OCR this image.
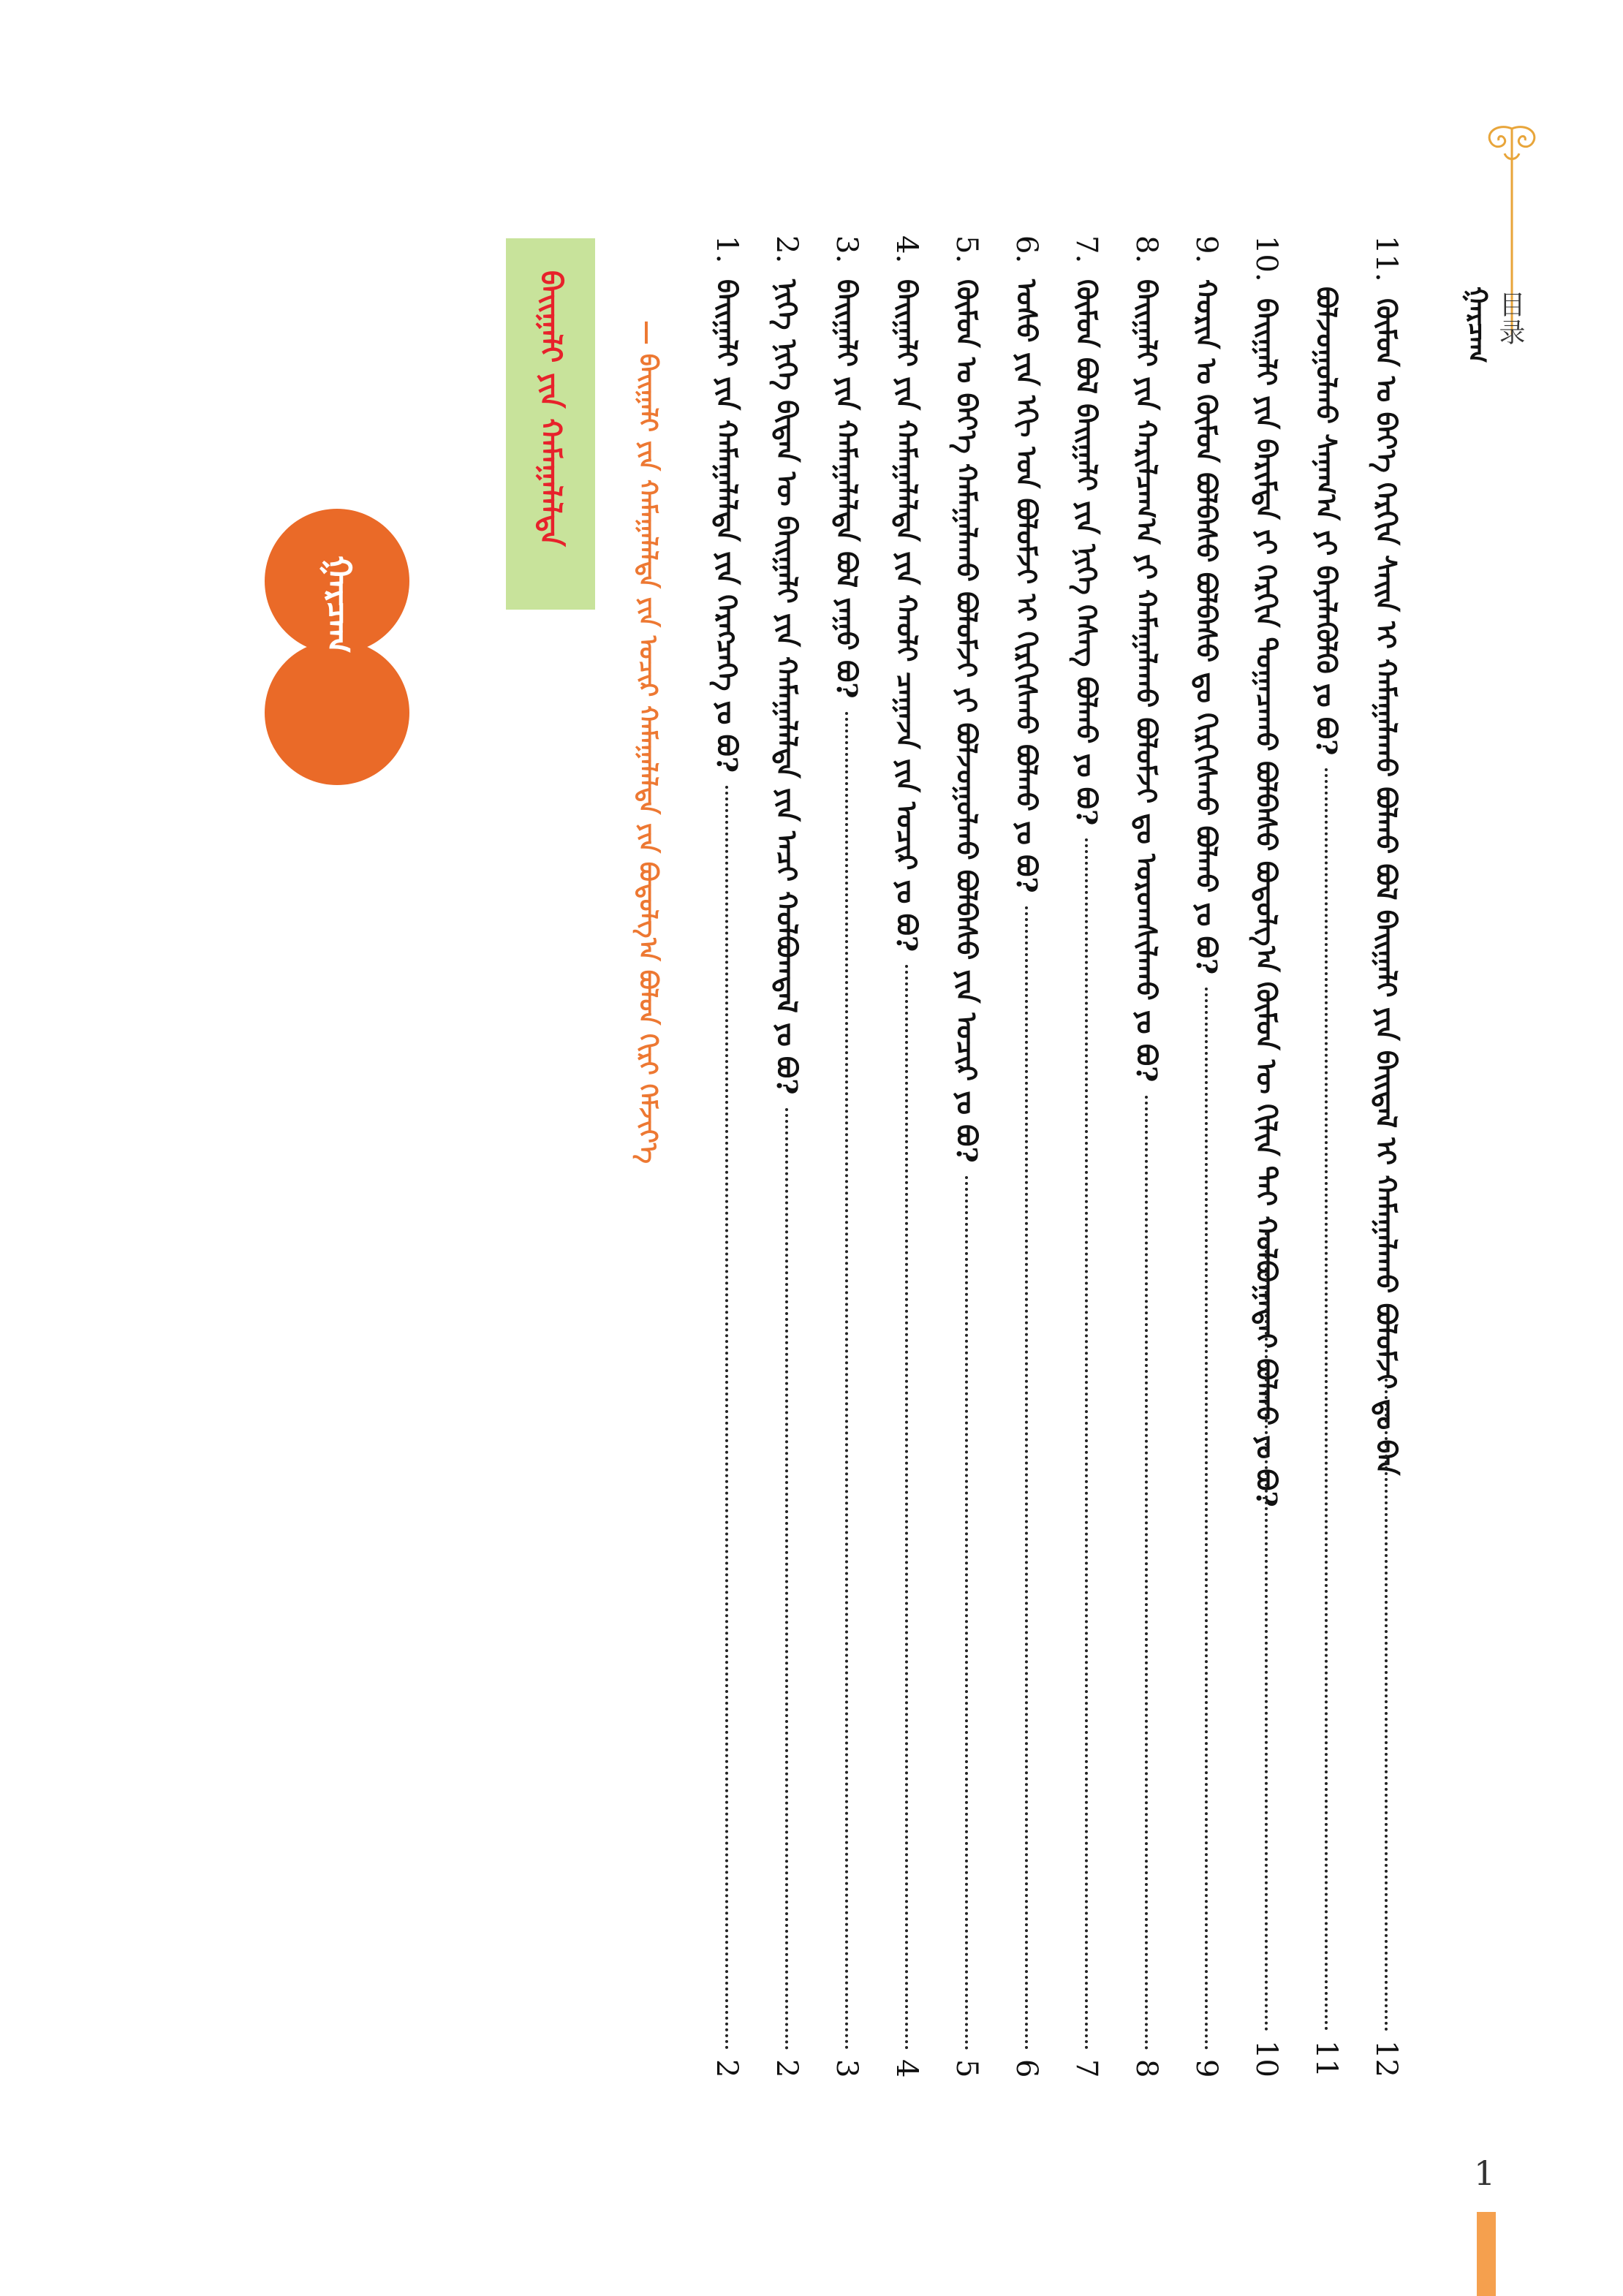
目录
ᠭᠠᠷᠴᠠᠭ
11.
ᠬᠦᠮᠦᠨ ᠤ ᠪᠡᠶ᠎ᠡ ᠬᠡᠷᠬᠢᠨ ᠰᠠᠢᠨ ᠢ ᠬᠠᠮᠠᠭᠠᠯᠠᠬᠤ ᠪᠣᠯᠬᠤ ᠪᠣᠯ ᠪᠠᠢᠭᠠᠯᠢ ᠶᠢᠨ ᠪᠠᠢᠳᠠᠯ ᠢ ᠬᠠᠮᠠᠭᠠᠯᠠᠬᠤ ᠪᠣᠯᠤᠮᠵᠢ ᠳᠤ ᠪᠠᠨ
12
ᠪᠣᠯᠵᠣᠭᠤᠯᠬᠤ ᠰᠠᠨᠠᠭ᠎ᠠ ᠶᠢ ᠪᠡᠶᠡᠯᠡᠭᠦᠯᠬᠦ ᠶᠤ ᠪᠤ?
11
10.
ᠪᠠᠢᠭᠠᠯᠢ ᠶᠢᠨ ᠪᠠᠷᠢᠮᠲᠠ ᠶᠢ ᠬᠡᠷᠬᠢᠨ ᠲᠣᠭᠠᠴᠠᠬᠤ ᠪᠣᠯᠪᠠᠰᠤ ᠪᠣᠳᠣᠯᠭ᠎ᠠ ᠬᠦᠮᠦᠨ ᠦ ᠬᠢᠯᠢᠨ ᠲᠠᠢ ᠬᠣᠯᠪᠣᠭᠠᠲᠠᠢ ᠪᠣᠯᠬᠤ ᠶᠤ ᠪᠤ?
10
9.
ᠬᠣᠷᠢᠨ ᠤ ᠬᠦᠮᠦᠨ ᠪᠣᠯᠪᠠᠰᠤ ᠪᠣᠯᠪᠠᠰᠤ ᠳᠤ ᠬᠢᠷᠭᠢᠰᠬᠤ ᠪᠣᠯᠬᠤ ᠶᠤ ᠪᠤ?
9
8.
ᠪᠠᠢᠭᠠᠯᠢ ᠶᠢᠨ ᠬᠠᠷᠢᠯᠴᠠᠭ᠎ᠠ ᠶᠢ ᠬᠠᠮᠠᠭᠠᠯᠠᠬᠤ ᠪᠣᠯᠤᠮᠵᠢ ᠳᠤ ᠤᠷᠤᠭᠰᠢᠯᠠᠬᠤ ᠶᠤ ᠪᠤ?
8
7.
ᠬᠦᠮᠦᠨ ᠪᠣᠯ ᠪᠠᠢᠭᠠᠯᠢ ᠶᠢᠨ ᠨᠢᠭᠡ ᠬᠡᠰᠡᠭ ᠪᠣᠯᠬᠤ ᠶᠤ ᠪᠤ?
7
6.
ᠤᠰᠤ ᠶᠢᠨ ᠡᠬᠢ ᠤᠨ ᠪᠣᠯᠤᠮᠵᠢ ᠢ ᠬᠢᠷᠭᠢᠰᠬᠤ ᠪᠣᠯᠬᠤ ᠶᠤ ᠪᠤ?
6
5.
ᠬᠦᠮᠦᠨ ᠤ ᠪᠡᠶ᠎ᠡ ᠬᠠᠮᠠᠭᠠᠯᠠᠬᠤ ᠪᠣᠯᠤᠮᠵᠢ ᠶᠢ ᠪᠣᠯᠵᠣᠭᠤᠯᠬᠤ ᠪᠣᠯᠪᠠᠰᠤ ᠶᠢᠨ ᠤᠴᠢᠷ ᠶᠤ ᠪᠤ?
5
4.
ᠪᠠᠢᠭᠠᠯᠢ ᠶᠢᠨ ᠬᠠᠮᠠᠭᠠᠯᠠᠯᠲᠠ ᠶᠢᠨ ᠬᠠᠤᠯᠢ ᠴᠠᠭᠠᠵᠠ ᠶᠢᠨ ᠤᠴᠢᠷ ᠶᠤ ᠪᠤ?
4
3.
ᠪᠠᠢᠭᠠᠯᠢ ᠶᠢᠨ ᠬᠠᠮᠠᠭᠠᠯᠠᠯᠲᠠ ᠪᠣᠯ ᠶᠠᠭᠤ ᠪᠤ?
3
2.
ᠨᠢᠭᠡ ᠨᠢᠭᠡ ᠪᠢᠳᠡᠨ ᠦ ᠪᠠᠢᠭᠠᠯᠢ ᠶᠢᠨ ᠬᠠᠮᠠᠭᠠᠯᠠᠯᠲᠠ ᠶᠢᠨ ᠠᠴᠢ ᠬᠣᠯᠪᠣᠭᠳᠠᠯ ᠶᠤ ᠪᠤ?
2
1.
ᠪᠠᠢᠭᠠᠯᠢ ᠶᠢᠨ ᠬᠠᠮᠠᠭᠠᠯᠠᠯᠲᠠ ᠶᠢᠨ ᠬᠡᠷᠡᠭᠴᠡᠭᠡ ᠶᠤ ᠪᠤ?
2
— ᠪᠠᠢᠭᠠᠯᠢ ᠶᠢᠨ ᠬᠠᠮᠠᠭᠠᠯᠠᠯᠲᠠ ᠶᠢᠨ ᠤᠴᠢᠷ ᠬᠠᠮᠠᠭᠠᠯᠠᠯᠲᠠ ᠶᠢᠨ ᠪᠣᠳᠣᠯᠭ᠎ᠠ ᠪᠣᠯᠣᠨ ᠬᠢᠷᠢ ᠬᠡᠮᠵᠢᠶ᠎ᠡ
ᠪᠠᠢᠭᠠᠯᠢ ᠶᠢᠨ ᠬᠠᠮᠠᠭᠠᠯᠠᠯᠲᠠ
ᠭᠠᠷᠴᠠᠭ
1
